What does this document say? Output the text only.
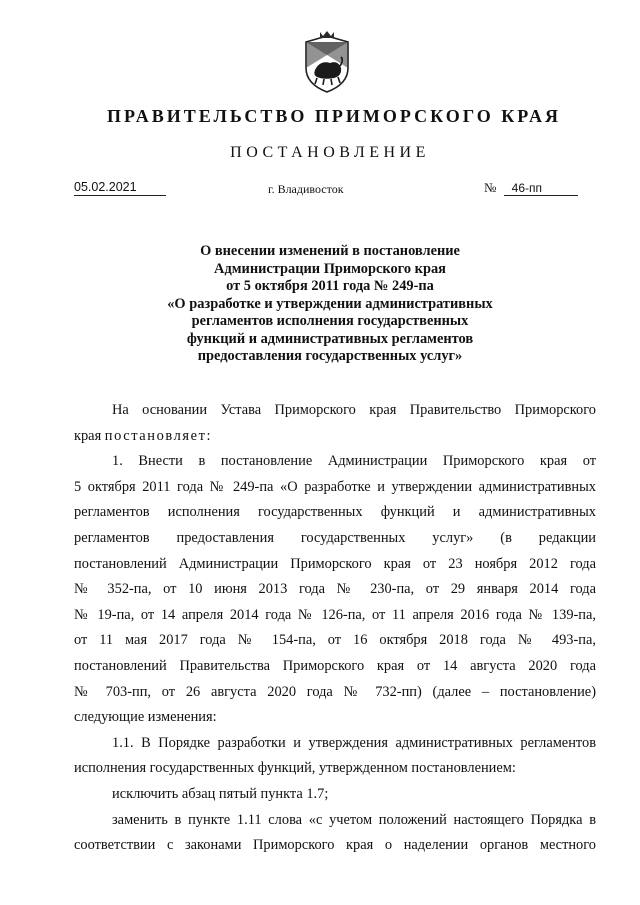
ПРАВИТЕЛЬСТВО ПРИМОРСКОГО КРАЯ
ПОСТАНОВЛЕНИЕ
05.02.2021	г. Владивосток	№ 46-пп
О внесении изменений в постановление
Администрации Приморского края
от 5 октября 2011 года № 249-па
«О разработке и утверждении административных
регламентов исполнения государственных
функций и административных регламентов
предоставления государственных услуг»
На основании Устава Приморского края Правительство Приморского
края постановляет:
1. Внести в постановление Администрации Приморского края от
5 октября 2011 года № 249-па «О разработке и утверждении административных
регламентов исполнения государственных функций и административных
регламентов предоставления государственных услуг» (в редакции
постановлений Администрации Приморского края от 23 ноября 2012 года
№ 352-па, от 10 июня 2013 года № 230-па, от 29 января 2014 года
№ 19-па, от 14 апреля 2014 года № 126-па, от 11 апреля 2016 года № 139-па,
от 11 мая 2017 года № 154-па, от 16 октября 2018 года № 493-па,
постановлений Правительства Приморского края от 14 августа 2020 года
№ 703-пп, от 26 августа 2020 года № 732-пп) (далее – постановление)
следующие изменения:
1.1. В Порядке разработки и утверждения административных регламентов
исполнения государственных функций, утвержденном постановлением:
исключить абзац пятый пункта 1.7;
заменить в пункте 1.11 слова «с учетом положений настоящего Порядка в
соответствии с законами Приморского края о наделении органов местного
